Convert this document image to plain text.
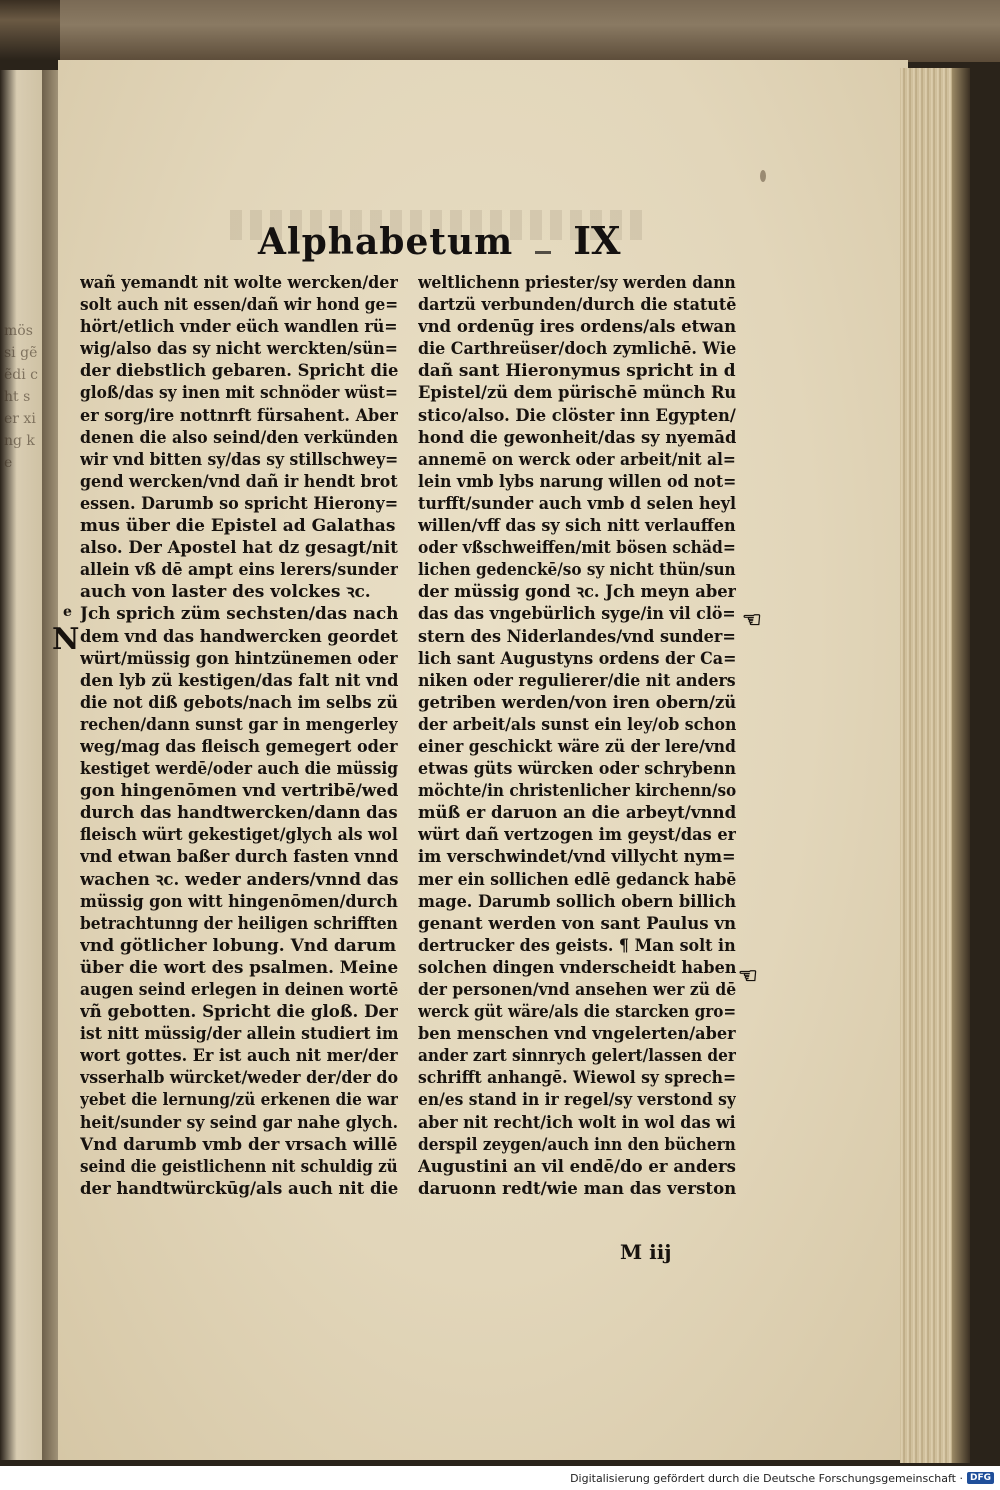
mössi gẽ ẽdi cht ser xi ng ke
Alphabetum IX
e
N
☜
☜
wañ yemandt nit wolte wercken/der
solt auch nit essen/dañ wir hond ge=
hört/etlich vnder eüch wandlen rü=
wig/also das sy nicht werckten/sün=
der diebstlich gebaren. Spricht die
gloß/das sy inen mit schnöder wüst=
er sorg/ire nottnrft fürsahent. Aber
denen die also seind/den verkünden
wir vnd bitten sy/das sy stillschwey=
gend wercken/vnd dañ ir hendt brot
essen. Darumb so spricht Hierony=
mus über die Epistel ad Galathas
also. Der Apostel hat dz gesagt/nit
allein vß dē ampt eins lerers/sunder
auch von laster des volckes ꝛc.
Jch sprich züm sechsten/das nach
dem vnd das handwercken geordet
würt/müssig gon hintzünemen oder
den lyb zü kestigen/das falt nit vnd
die not diß gebots/nach im selbs zü
rechen/dann sunst gar in mengerley
weg/mag das fleisch gemegert oder
kestiget werdē/oder auch die müssig
gon hingenōmen vnd vertribē/wed
durch das handtwercken/dann das
fleisch würt gekestiget/glych als wol
vnd etwan baßer durch fasten vnnd
wachen ꝛc. weder anders/vnnd das
müssig gon witt hingenōmen/durch
betrachtunng der heiligen schrifften
vnd götlicher lobung. Vnd darum
über die wort des psalmen. Meine
augen seind erlegen in deinen wortē
vñ gebotten. Spricht die gloß. Der
ist nitt müssig/der allein studiert im
wort gottes. Er ist auch nit mer/der
vsserhalb würcket/weder der/der do
yebet die lernung/zü erkenen die war
heit/sunder sy seind gar nahe glych.
Vnd darumb vmb der vrsach willē
seind die geistlichenn nit schuldig zü
der handtwürckūg/als auch nit die
weltlichenn priester/sy werden dann
dartzü verbunden/durch die statutē
vnd ordenūg ires ordens/als etwan
die Carthreüser/doch zymlichē. Wie
dañ sant Hieronymus spricht in d
Epistel/zü dem pürischē münch Ru
stico/also. Die clöster inn Egypten/
hond die gewonheit/das sy nyemād
annemē on werck oder arbeit/nit al=
lein vmb lybs narung willen od not=
turfft/sunder auch vmb d selen heyl
willen/vff das sy sich nitt verlauffen
oder vßschweiffen/mit bösen schäd=
lichen gedenckē/so sy nicht thün/sun
der müssig gond ꝛc. Jch meyn aber
das das vngebürlich syge/in vil clö=
stern des Niderlandes/vnd sunder=
lich sant Augustyns ordens der Ca=
niken oder regulierer/die nit anders
getriben werden/von iren obern/zü
der arbeit/als sunst ein ley/ob schon
einer geschickt wäre zü der lere/vnd
etwas güts würcken oder schrybenn
möchte/in christenlicher kirchenn/so
müß er daruon an die arbeyt/vnnd
würt dañ vertzogen im geyst/das er
im verschwindet/vnd villycht nym=
mer ein sollichen edlē gedanck habē
mage. Darumb sollich obern billich
genant werden von sant Paulus vn
dertrucker des geists. ¶ Man solt in
solchen dingen vnderscheidt haben
der personen/vnd ansehen wer zü dē
werck güt wäre/als die starcken gro=
ben menschen vnd vngelerten/aber
ander zart sinnrych gelert/lassen der
schrifft anhangē. Wiewol sy sprech=
en/es stand in ir regel/sy verstond sy
aber nit recht/ich wolt in wol das wi
derspil zeygen/auch inn den büchern
Augustini an vil endē/do er anders
daruonn redt/wie man das verston
M iij
Digitalisierung gefördert durch die Deutsche Forschungsgemeinschaft · DFG
